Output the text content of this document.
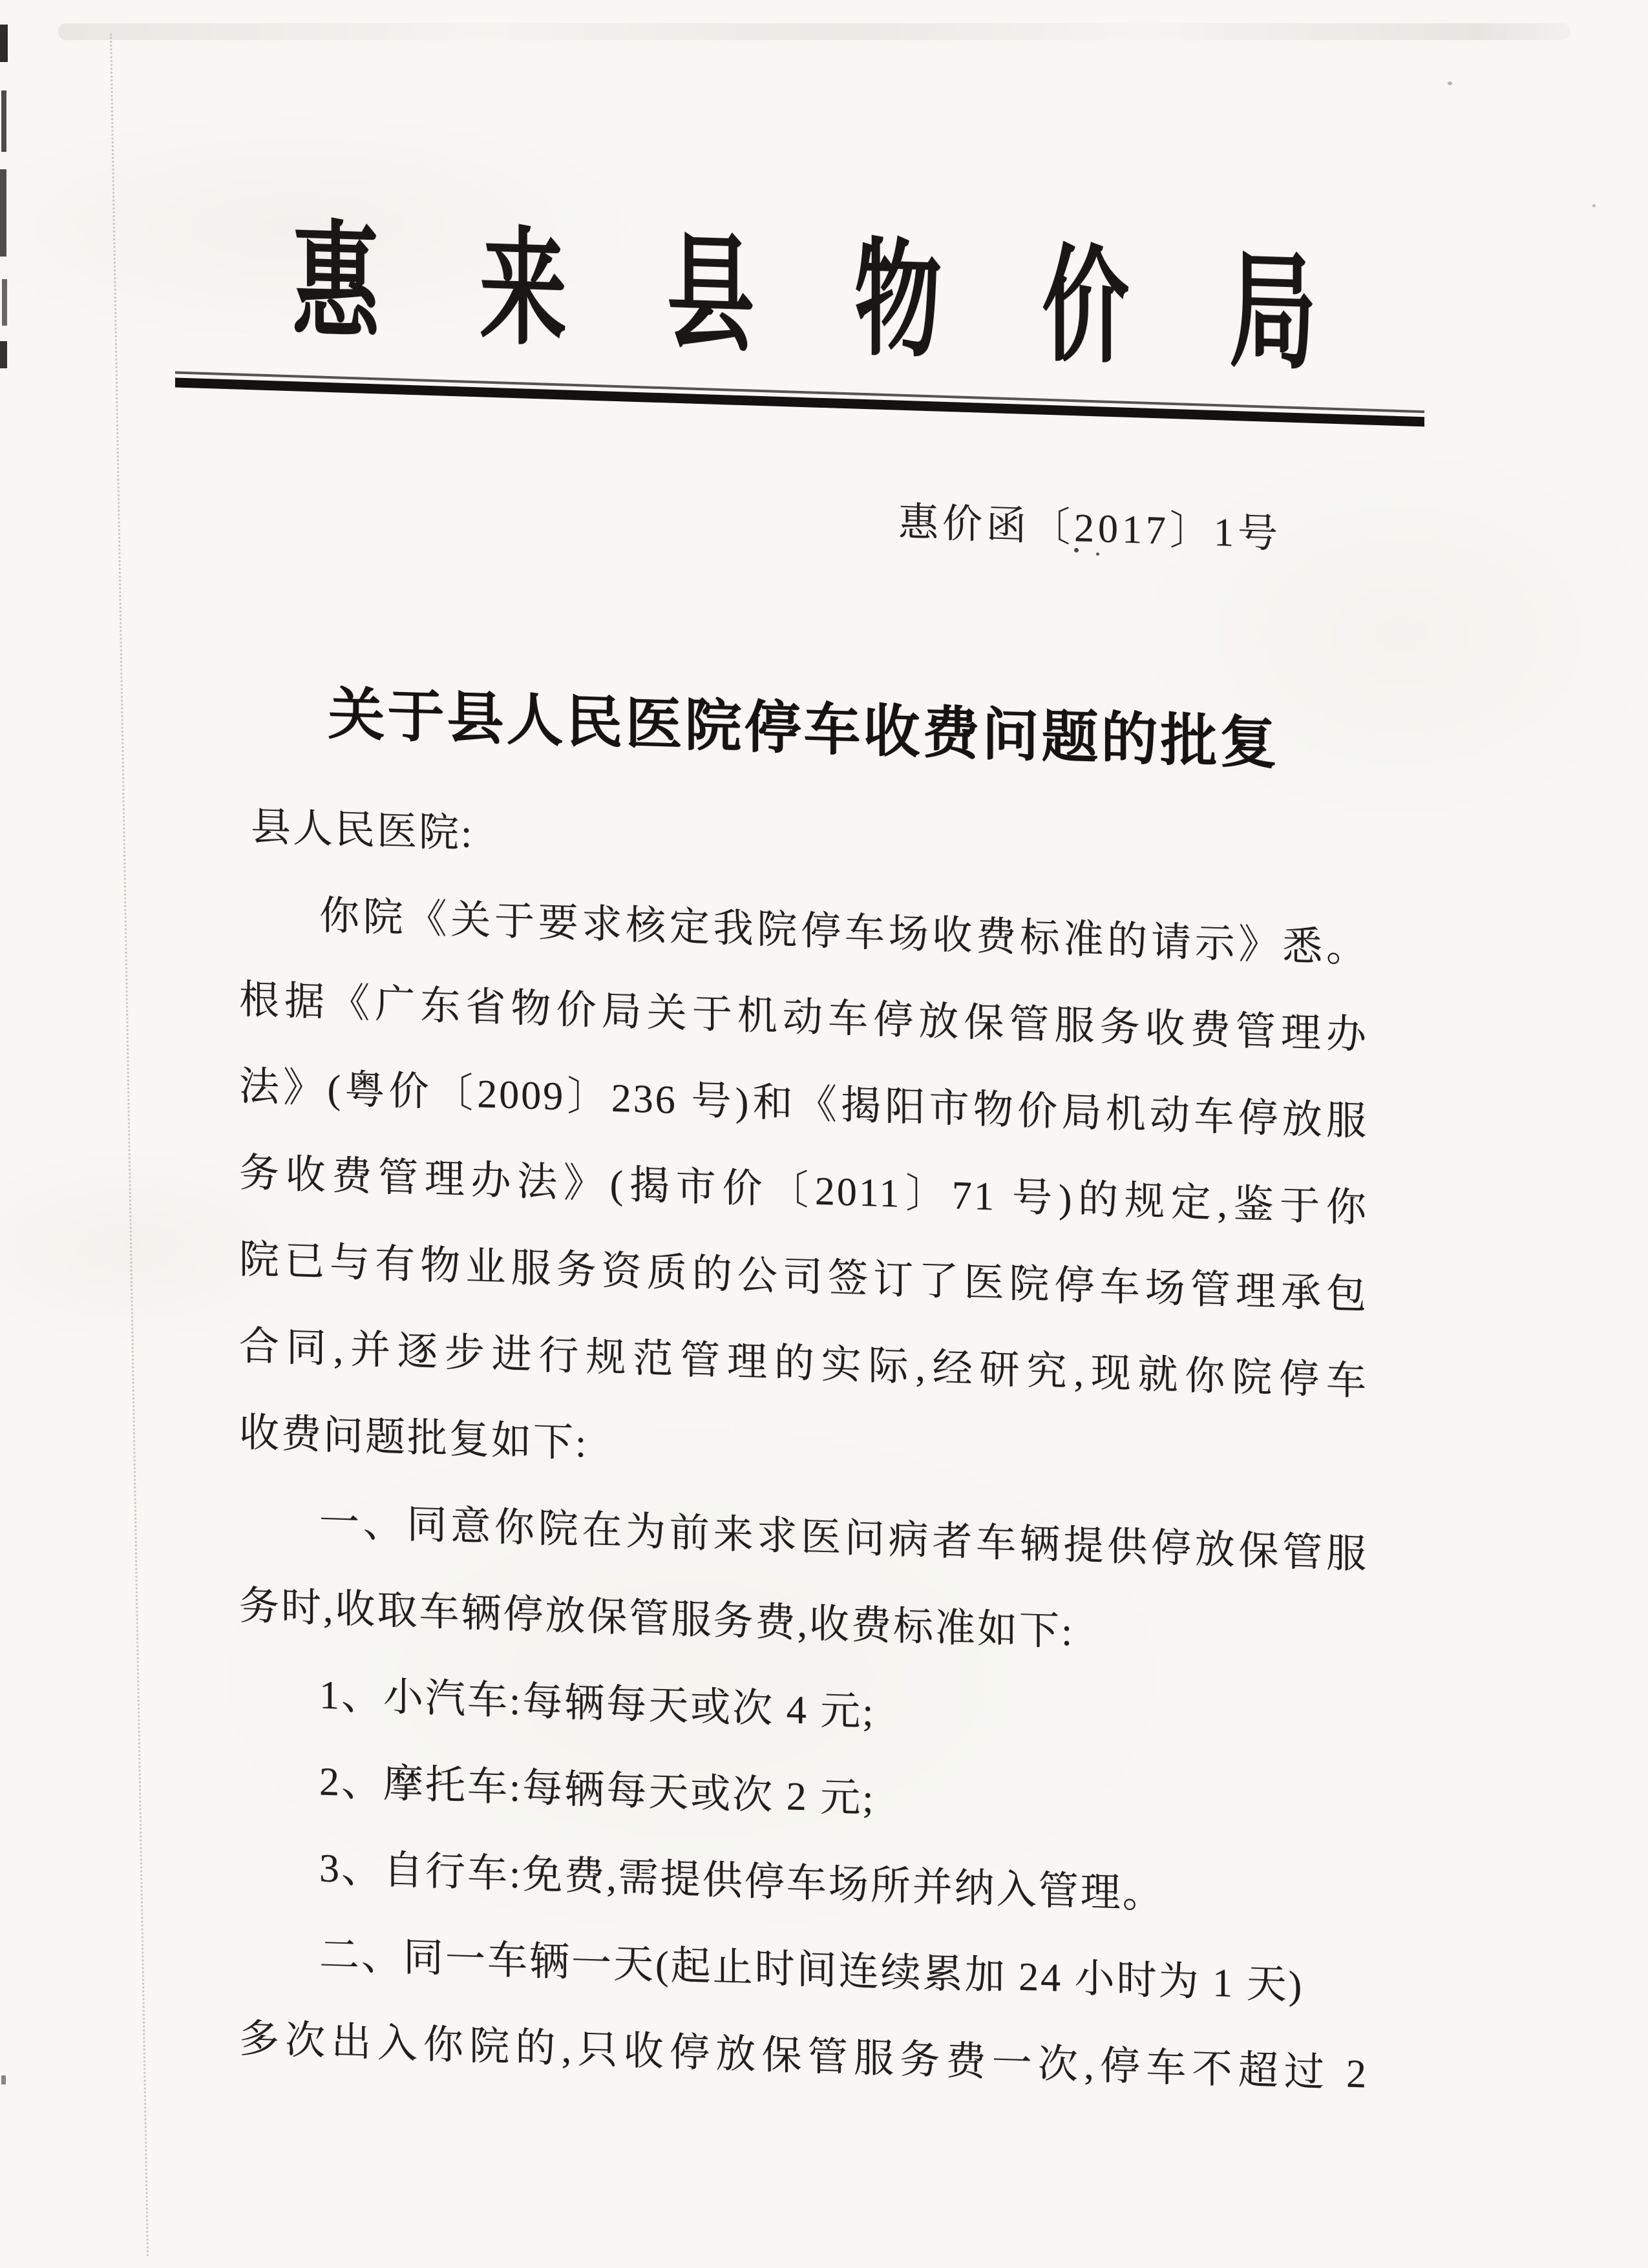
惠来县物价局
惠价函〔2017〕1号
关于县人民医院停车收费问题的批复
县人民医院:
你院《关于要求核定我院停车场收费标准的请示》悉。
根据《广东省物价局关于机动车停放保管服务收费管理办
法》(粤价〔2009〕236 号)和《揭阳市物价局机动车停放服
务收费管理办法》(揭市价〔2011〕71 号)的规定,鉴于你
院已与有物业服务资质的公司签订了医院停车场管理承包
合同,并逐步进行规范管理的实际,经研究,现就你院停车
收费问题批复如下:
一、同意你院在为前来求医问病者车辆提供停放保管服
务时,收取车辆停放保管服务费,收费标准如下:
1、小汽车:每辆每天或次 4 元;
2、摩托车:每辆每天或次 2 元;
3、自行车:免费,需提供停车场所并纳入管理。
二、同一车辆一天(起止时间连续累加 24 小时为 1 天)
多次出入你院的,只收停放保管服务费一次,停车不超过 2
